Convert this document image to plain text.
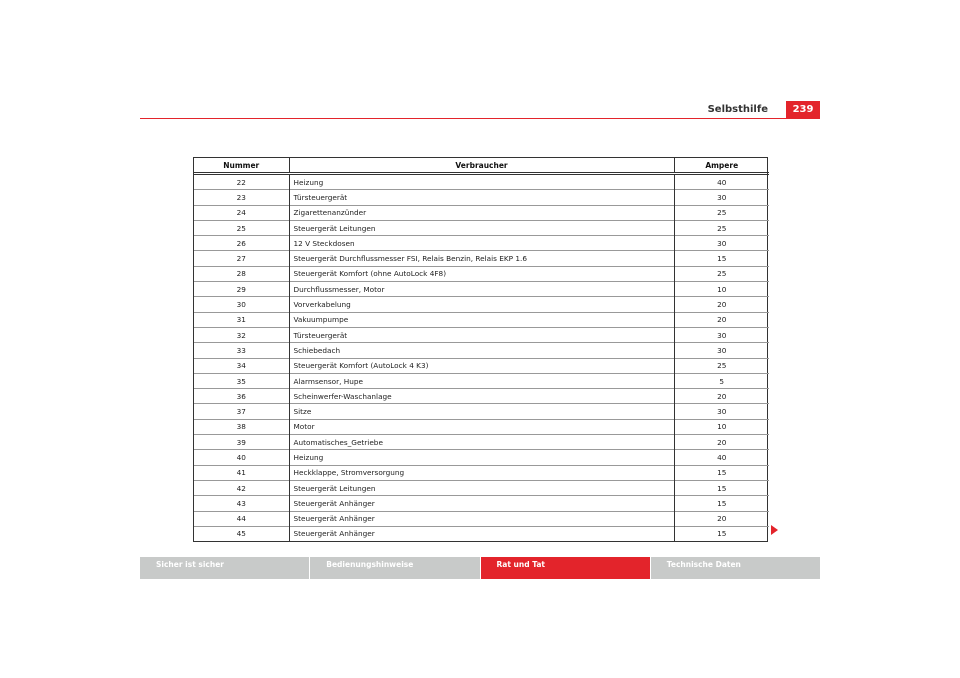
Selbsthilfe	239
Nummer	Verbraucher	Ampere
22	Heizung	40
23	Türsteuergerät	30
24	Zigarettenanzünder	25
25	Steuergerät Leitungen	25
26	12 V Steckdosen	30
27	Steuergerät Durchflussmesser FSI, Relais Benzin, Relais EKP 1.6	15
28	Steuergerät Komfort (ohne AutoLock 4F8)	25
29	Durchflussmesser, Motor	10
30	Vorverkabelung	20
31	Vakuumpumpe	20
32	Türsteuergerät	30
33	Schiebedach	30
34	Steuergerät Komfort (AutoLock 4 K3)	25
35	Alarmsensor, Hupe	5
36	Scheinwerfer-Waschanlage	20
37	Sitze	30
38	Motor	10
39	Automatisches_Getriebe	20
40	Heizung	40
41	Heckklappe, Stromversorgung	15
42	Steuergerät Leitungen	15
43	Steuergerät Anhänger	15
44	Steuergerät Anhänger	20
45	Steuergerät Anhänger	15
Sicher ist sicher	Bedienungshinweise	Rat und Tat	Technische Daten
